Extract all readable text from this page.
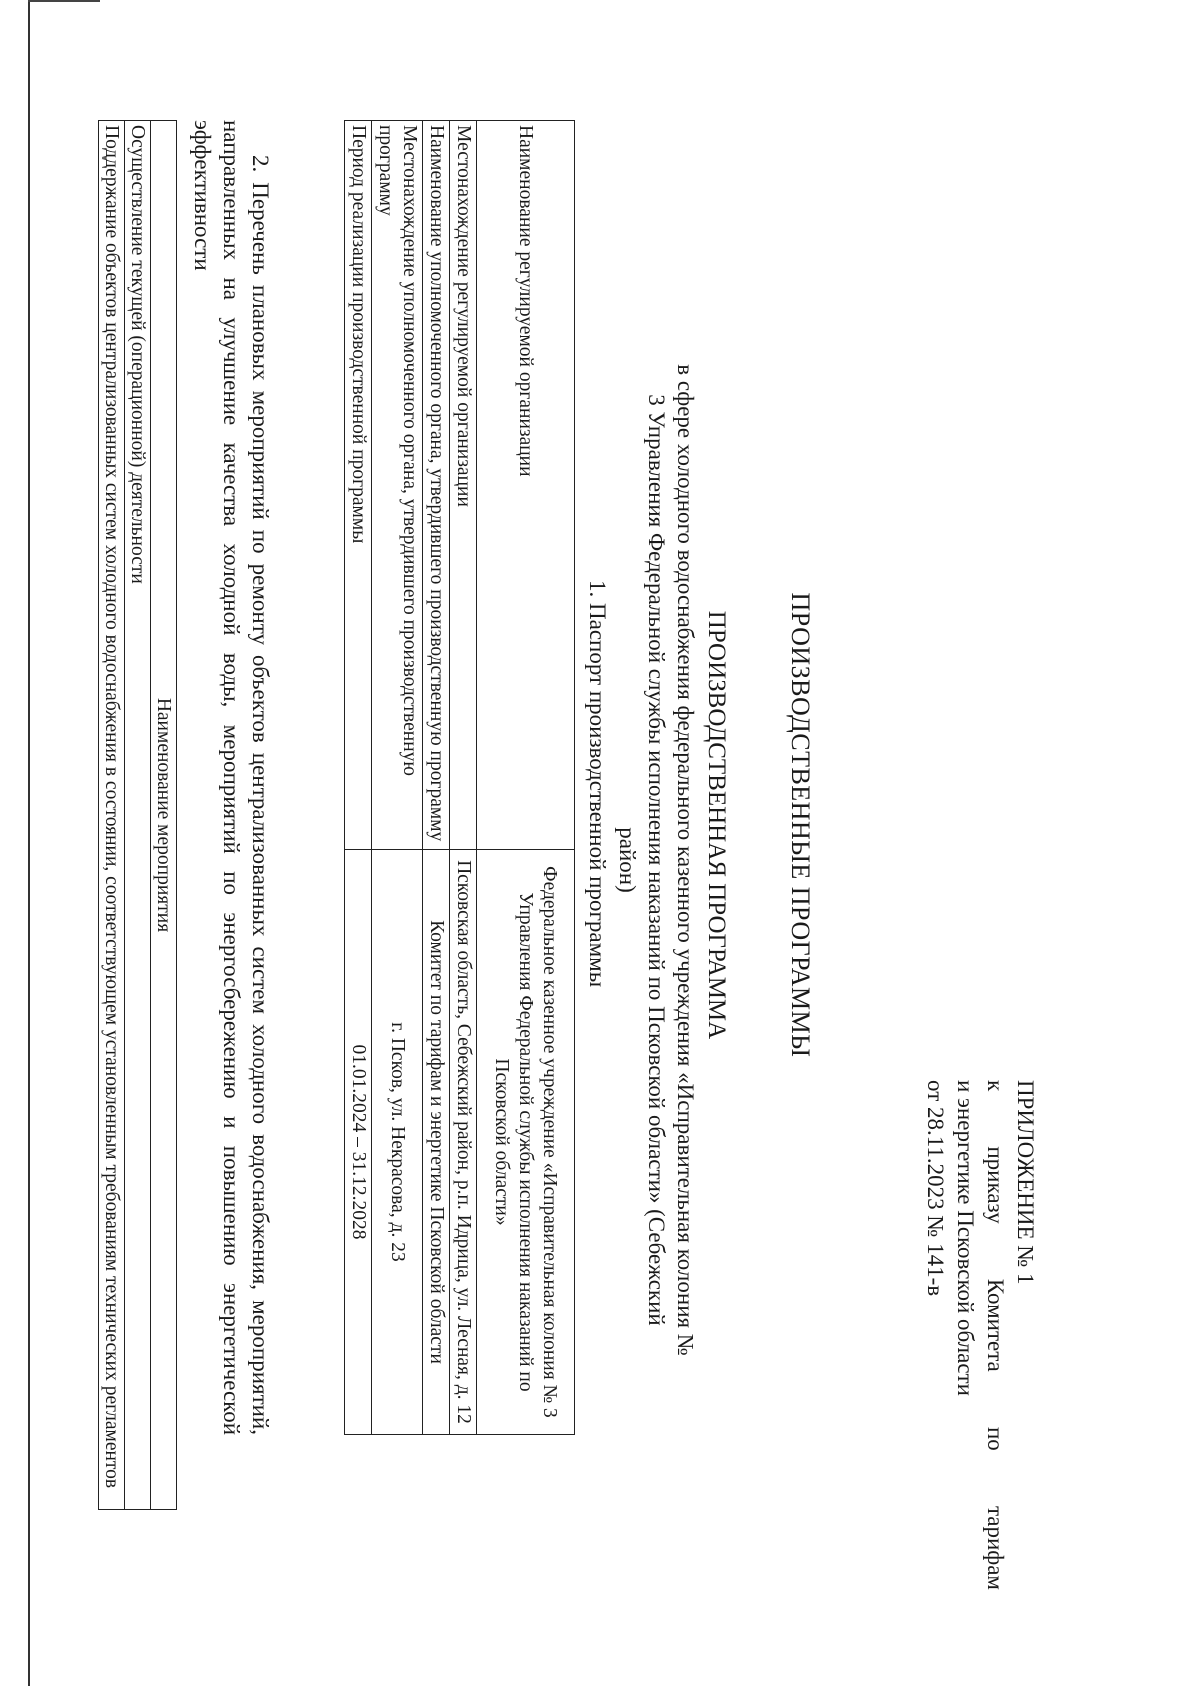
ПРИЛОЖЕНИЕ № 1
к
приказу
Комитета
по
тарифам
и энергетике Псковской области
от 28.11.2023 № 141-в
ПРОИЗВОДСТВЕННЫЕ ПРОГРАММЫ
ПРОИЗВОДСТВЕННАЯ ПРОГРАММА
в сфере холодного водоснабжения федерального казенного учреждения «Исправительная колония № 3 Управления Федеральной службы исполнения наказаний по Псковской области» (Себежский район)
1. Паспорт производственной программы
Наименование регулируемой организации	Федеральное казенное учреждение «Исправительная колония № 3 Управления Федеральной службы исполнения наказаний по Псковской области»
Местонахождение регулируемой организации	Псковская область, Себежский район, р.п. Идрица, ул. Лесная, д. 12
Наименование уполномоченного органа, утвердившего производственную программу	Комитет по тарифам и энергетике Псковской области
Местонахождение уполномоченного органа, утвердившего производственную программу	г. Псков, ул. Некрасова, д. 23
Период реализации производственной программы	01.01.2024 – 31.12.2028
2. Перечень плановых мероприятий по ремонту объектов централизованных систем холодного водоснабжения, мероприятий, направленных на улучшение качества холодной воды, мероприятий по энергосбережению и повышению энергетической эффективности
Наименование мероприятия
Осуществление текущей (операционной) деятельности
Поддержание объектов централизованных систем холодного водоснабжения в состоянии, соответствующем установленным требованиям технических регламентов
